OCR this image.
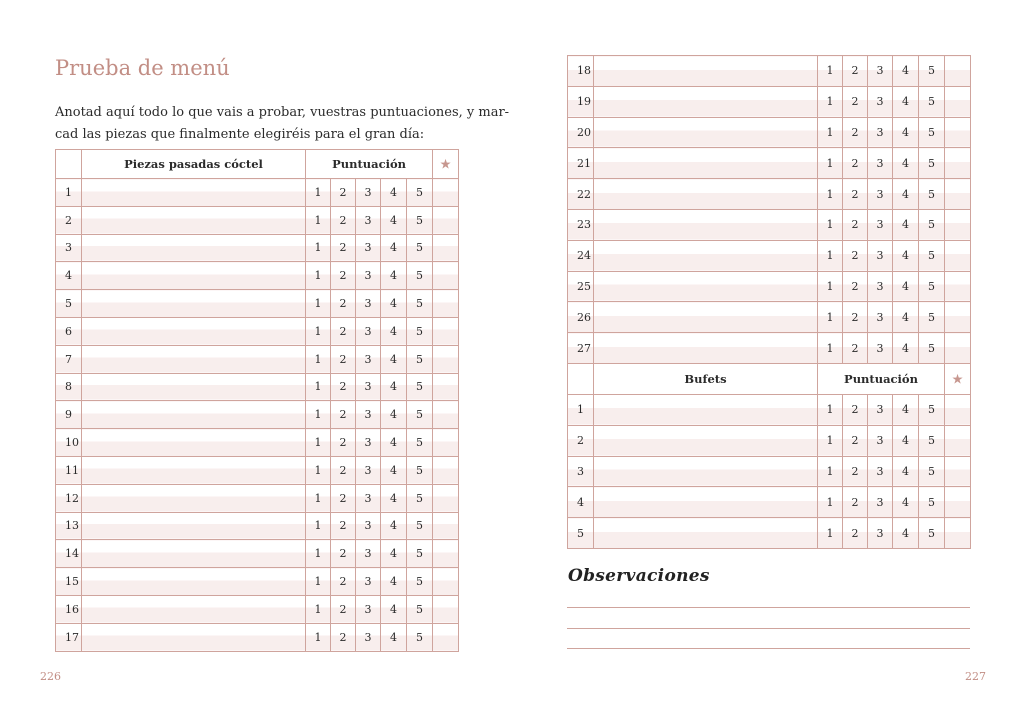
Prueba de menú
Anotad aquí todo lo que vais a probar, vuestras puntuaciones, y mar-
cad las piezas que finalmente elegiréis para el gran día:
	Piezas pasadas cóctel	Puntuación					★
1		1	2	3	4	5	
2		1	2	3	4	5	
3		1	2	3	4	5	
4		1	2	3	4	5	
5		1	2	3	4	5	
6		1	2	3	4	5	
7		1	2	3	4	5	
8		1	2	3	4	5	
9		1	2	3	4	5	
10		1	2	3	4	5	
11		1	2	3	4	5	
12		1	2	3	4	5	
13		1	2	3	4	5	
14		1	2	3	4	5	
15		1	2	3	4	5	
16		1	2	3	4	5	
17		1	2	3	4	5	
18		1	2	3	4	5	
19		1	2	3	4	5	
20		1	2	3	4	5	
21		1	2	3	4	5	
22		1	2	3	4	5	
23		1	2	3	4	5	
24		1	2	3	4	5	
25		1	2	3	4	5	
26		1	2	3	4	5	
27		1	2	3	4	5	
	Bufets	Puntuación					★
1		1	2	3	4	5	
2		1	2	3	4	5	
3		1	2	3	4	5	
4		1	2	3	4	5	
5		1	2	3	4	5	
Observaciones
226	227
